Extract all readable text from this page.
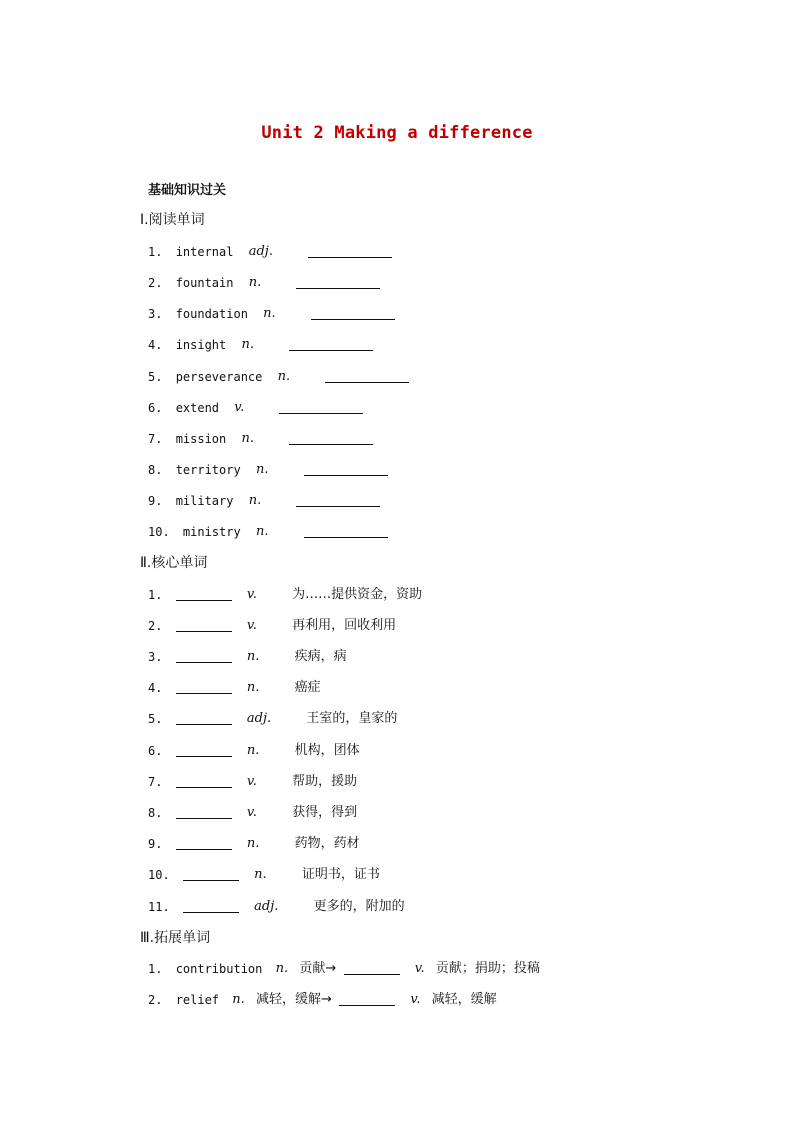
Unit 2 Making a difference
基础知识过关
Ⅰ.阅读单词
1. internal adj.
2. fountain n.
3. foundation n.
4. insight n.
5. perseverance n.
6. extend v.
7. mission n.
8. territory n.
9. military n.
10. ministry n.
Ⅱ.核心单词
1.	v.	为……提供资金，资助
2.	v.	再利用，回收利用
3.	n.	疾病，病
4.	n.	癌症
5.	adj.	王室的，皇家的
6.	n.	机构，团体
7.	v.	帮助，援助
8.	v.	获得，得到
9.	n.	药物，药材
10.	n.	证明书，证书
11.	adj.	更多的，附加的
Ⅲ.拓展单词
1. contribution n. 贡献→	v. 贡献；捐助；投稿
2. relief n. 减轻，缓解→	v. 减轻，缓解
